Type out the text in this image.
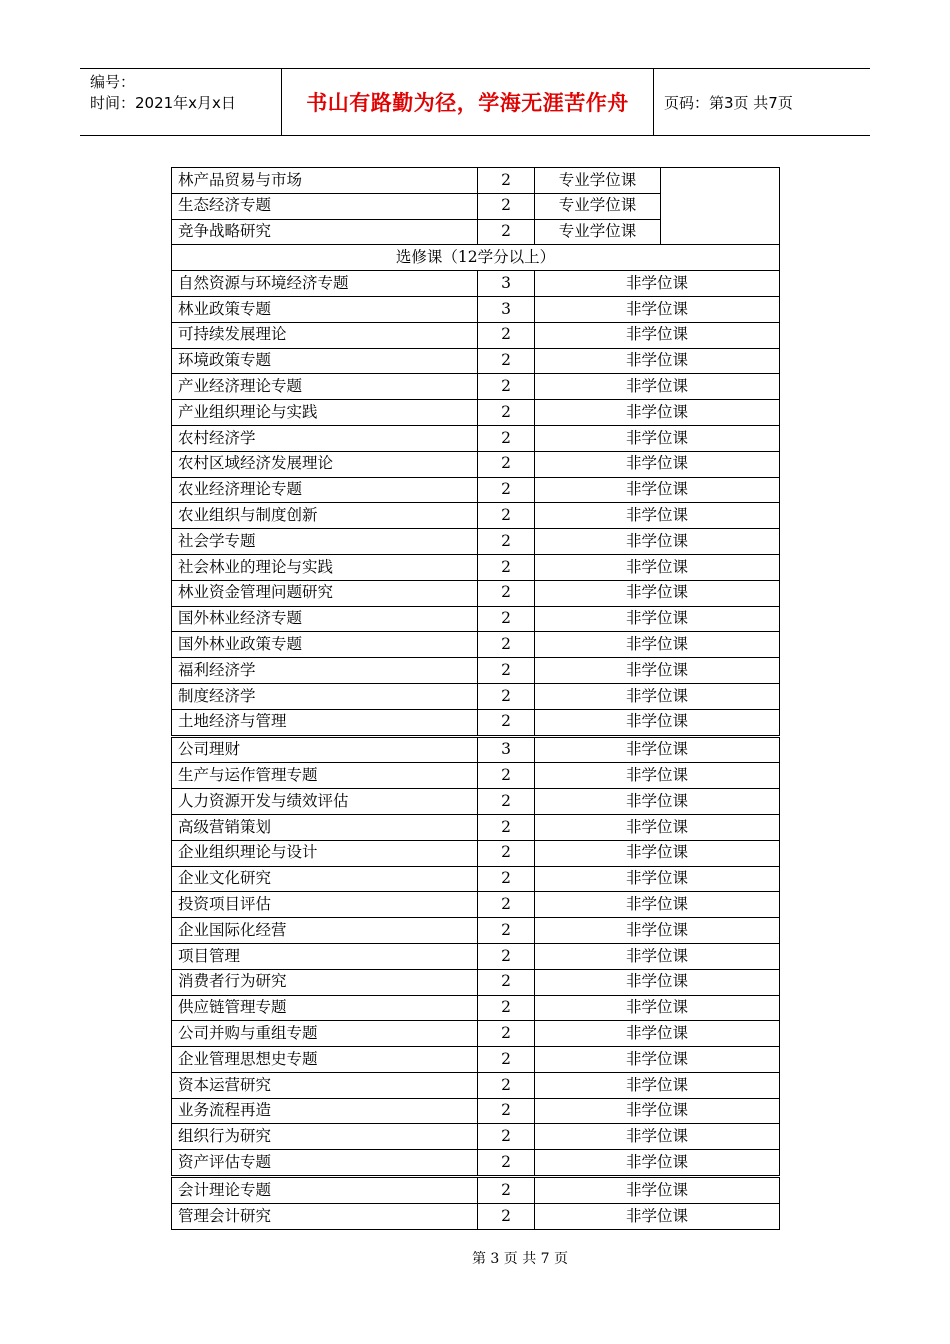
编号：
时间：2021年x月x日	书山有路勤为径，学海无涯苦作舟	页码：第3页 共7页
林产品贸易与市场	2	专业学位课	
生态经济专题	2	专业学位课	
竞争战略研究	2	专业学位课	
选修课（12学分以上）			
自然资源与环境经济专题	3	非学位课	
林业政策专题	3	非学位课	
可持续发展理论	2	非学位课	
环境政策专题	2	非学位课	
产业经济理论专题	2	非学位课	
产业组织理论与实践	2	非学位课	
农村经济学	2	非学位课	
农村区域经济发展理论	2	非学位课	
农业经济理论专题	2	非学位课	
农业组织与制度创新	2	非学位课	
社会学专题	2	非学位课	
社会林业的理论与实践	2	非学位课	
林业资金管理问题研究	2	非学位课	
国外林业经济专题	2	非学位课	
国外林业政策专题	2	非学位课	
福利经济学	2	非学位课	
制度经济学	2	非学位课	
土地经济与管理	2	非学位课	
公司理财	3	非学位课	
生产与运作管理专题	2	非学位课	
人力资源开发与绩效评估	2	非学位课	
高级营销策划	2	非学位课	
企业组织理论与设计	2	非学位课	
企业文化研究	2	非学位课	
投资项目评估	2	非学位课	
企业国际化经营	2	非学位课	
项目管理	2	非学位课	
消费者行为研究	2	非学位课	
供应链管理专题	2	非学位课	
公司并购与重组专题	2	非学位课	
企业管理思想史专题	2	非学位课	
资本运营研究	2	非学位课	
业务流程再造	2	非学位课	
组织行为研究	2	非学位课	
资产评估专题	2	非学位课	
会计理论专题	2	非学位课	
管理会计研究	2	非学位课	
第 3 页 共 7 页
